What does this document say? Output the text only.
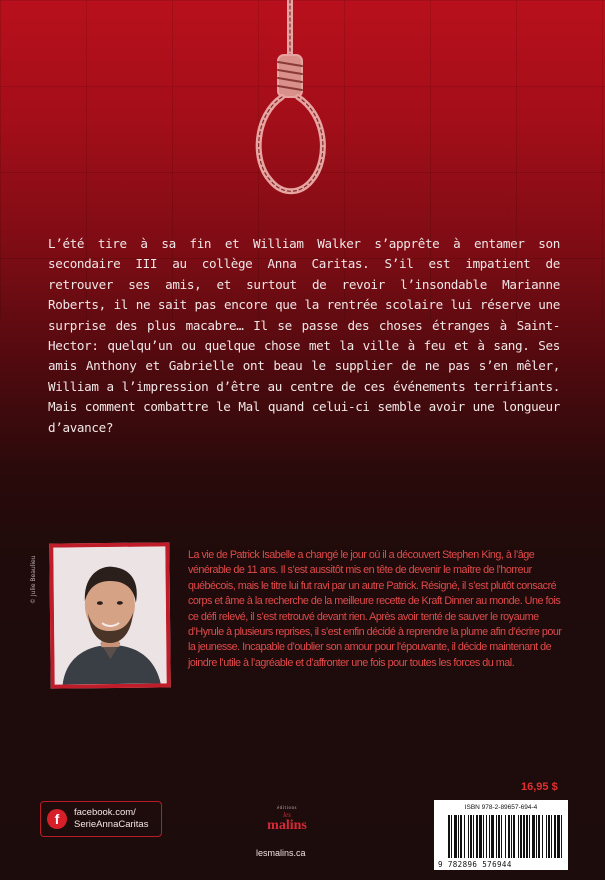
L’été tire à sa fin et William Walker s’apprête à entamer son secondaire III au collège Anna Caritas. S’il est impatient de retrouver ses amis, et surtout de revoir l’insondable Marianne Roberts, il ne sait pas encore que la rentrée scolaire lui réserve une surprise des plus macabre… Il se passe des choses étranges à Saint-Hector: quelqu’un ou quelque chose met la ville à feu et à sang. Ses amis Anthony et Gabrielle ont beau le supplier de ne pas s’en mêler, William a l’impression d’être au centre de ces événements terrifiants. Mais comment combattre le Mal quand celui-ci semble avoir une longueur d’avance?

© Julie Beaulieu

La vie de Patrick Isabelle a changé le jour où il a découvert Stephen King, à l’âge vénérable de 11 ans. Il s’est aussitôt mis en tête de devenir le maître de l’horreur québécois, mais le titre lui fut ravi par un autre Patrick. Résigné, il s’est plutôt consacré corps et âme à la recherche de la meilleure recette de Kraft Dinner au monde. Une fois ce défi relevé, il s’est retrouvé devant rien. Après avoir tenté de sauver le royaume d’Hyrule à plusieurs reprises, il s’est enfin décidé à reprendre la plume afin d’écrire pour la jeunesse. Incapable d’oublier son amour pour l’épouvante, il décide maintenant de joindre l’utile à l’agréable et d’affronter une fois pour toutes les forces du mal.

16,95 $
f	facebook.com/
SerieAnnaCaritas
éditions
les
malins
lesmalins.ca
ISBN 978-2-89657-694-4
9 782896 576944
